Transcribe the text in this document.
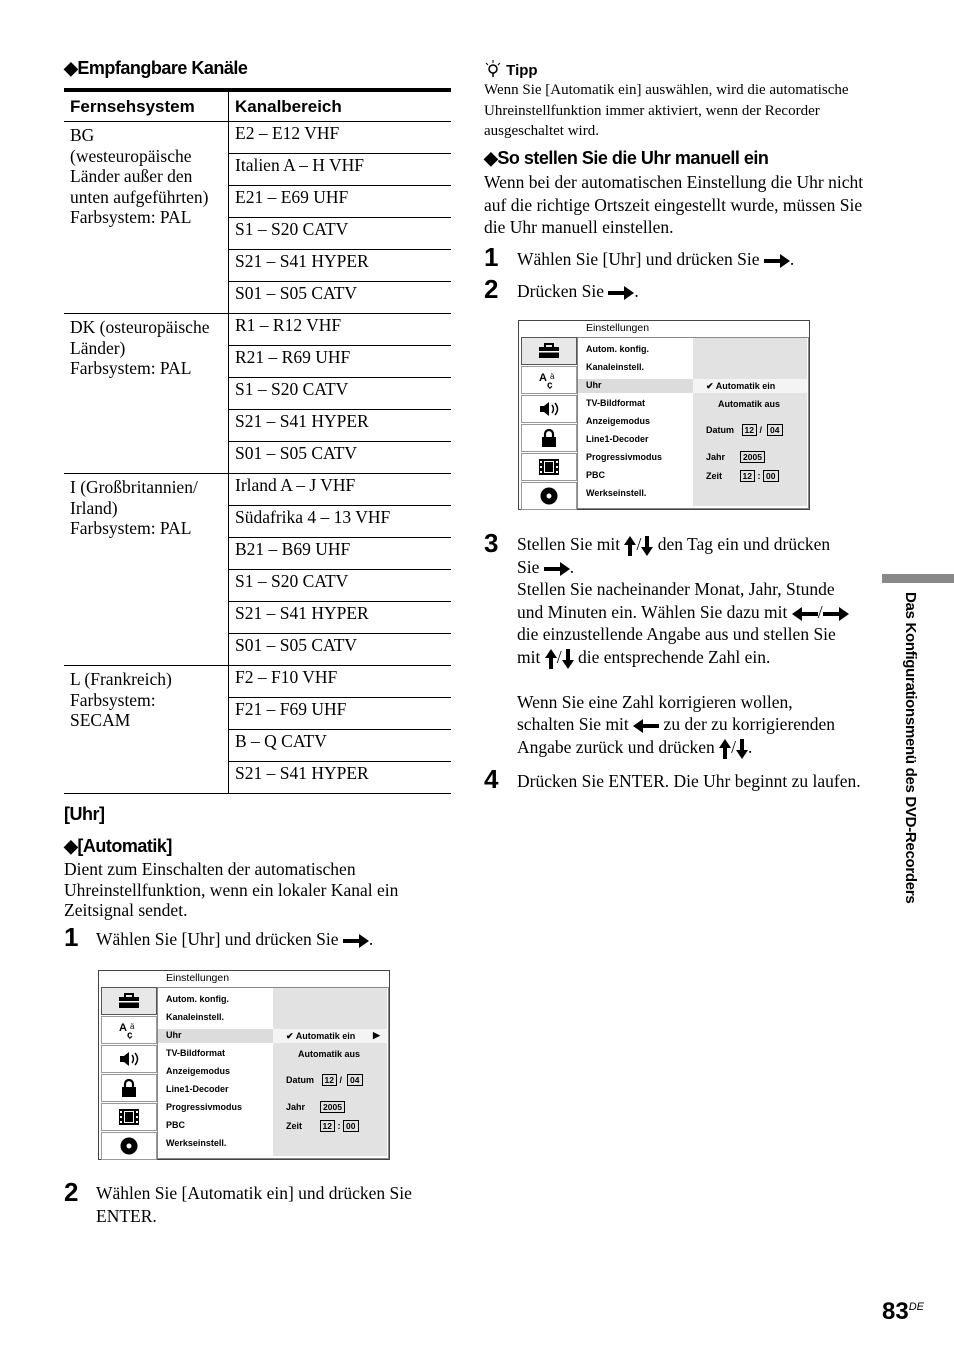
◆Empfangbare Kanäle
Fernsehsystem	Kanalbereich

BG
(westeuropäische
Länder außer den
unten aufgeführten)
Farbsystem: PAL	E2 – E12 VHF
	Italien A – H VHF
	E21 – E69 UHF
	S1 – S20 CATV
	S21 – S41 HYPER
	S01 – S05 CATV

DK (osteuropäische
Länder)
Farbsystem: PAL	R1 – R12 VHF
	R21 – R69 UHF
	S1 – S20 CATV
	S21 – S41 HYPER
	S01 – S05 CATV

I (Großbritannien/
Irland)
Farbsystem: PAL	Irland A – J VHF
	Südafrika 4 – 13 VHF
	B21 – B69 UHF
	S1 – S20 CATV
	S21 – S41 HYPER
	S01 – S05 CATV

L (Frankreich)
Farbsystem:
SECAM	F2 – F10 VHF
	F21 – F69 UHF
	B – Q CATV
	S21 – S41 HYPER
[Uhr]
◆[Automatik]
Dient zum Einschalten der automatischen Uhreinstellfunktion, wenn ein lokaler Kanal ein Zeitsignal sendet.
1 Wählen Sie [Uhr] und drücken Sie .
Einstellungen
A
ç
ä
Autom. konfig.
Kanaleinstell.
Uhr
TV-Bildformat
Anzeigemodus
Line1-Decoder
Progressivmodus
PBC
Werkseinstell.
✔ Automatik ein ▶
Automatik aus
Datum 12 / 04
Jahr 2005
Zeit 12 : 00
2 Wählen Sie [Automatik ein] und drücken Sie ENTER.
Tipp
Wenn Sie [Automatik ein] auswählen, wird die automatische Uhreinstellfunktion immer aktiviert, wenn der Recorder ausgeschaltet wird.
◆So stellen Sie die Uhr manuell ein
Wenn bei der automatischen Einstellung die Uhr nicht auf die richtige Ortszeit eingestellt wurde, müssen Sie die Uhr manuell einstellen.
1 Wählen Sie [Uhr] und drücken Sie .
2 Drücken Sie .
Einstellungen
A
ç
ä
Autom. konfig.
Kanaleinstell.
Uhr
TV-Bildformat
Anzeigemodus
Line1-Decoder
Progressivmodus
PBC
Werkseinstell.
✔ Automatik ein
Automatik aus
Datum 12 / 04
Jahr 2005
Zeit 12 : 00
3 Stellen Sie mit / den Tag ein und drücken
Sie .
Stellen Sie nacheinander Monat, Jahr, Stunde
und Minuten ein. Wählen Sie dazu mit /
die einzustellende Angabe aus und stellen Sie
mit / die entsprechende Zahl ein.
Wenn Sie eine Zahl korrigieren wollen,
schalten Sie mit zu der zu korrigierenden
Angabe zurück und drücken / .
4 Drücken Sie ENTER. Die Uhr beginnt zu laufen.	Das Konfigurationsmenü des DVD-Recorders
83DE
